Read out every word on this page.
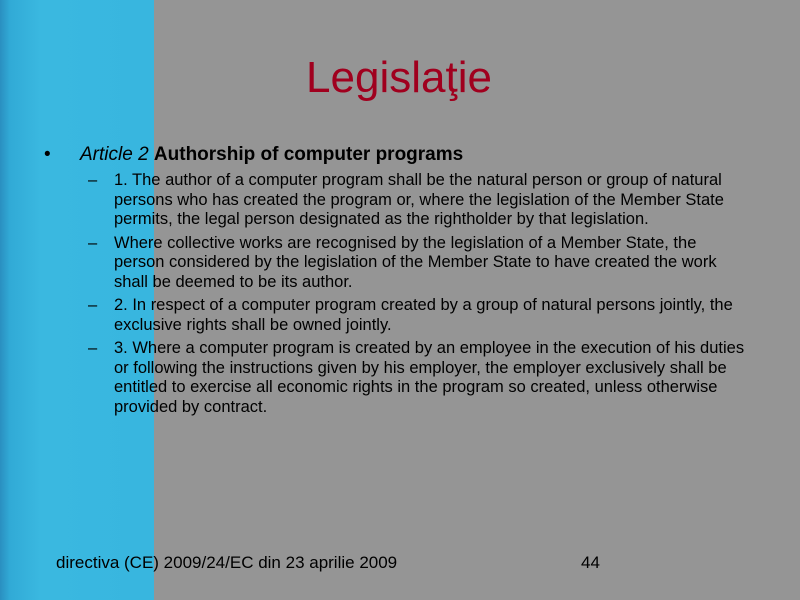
Legislaţie
• Article 2 Authorship of computer programs
– 1. The author of a computer program shall be the natural person or group of natural persons who has created the program or, where the legislation of the Member State permits, the legal person designated as the rightholder by that legislation.
– Where collective works are recognised by the legislation of a Member State, the person considered by the legislation of the Member State to have created the work shall be deemed to be its author.
– 2. In respect of a computer program created by a group of natural persons jointly, the exclusive rights shall be owned jointly.
– 3. Where a computer program is created by an employee in the execution of his duties or following the instructions given by his employer, the employer exclusively shall be entitled to exercise all economic rights in the program so created, unless otherwise provided by contract.
directiva (CE) 2009/24/EC din 23 aprilie 2009	44
